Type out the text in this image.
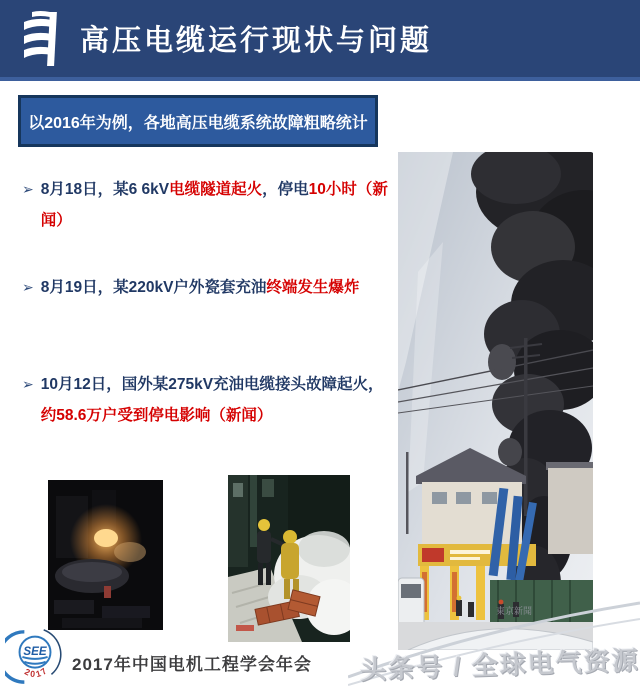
高压电缆运行现状与问题
以2016年为例，各地高压电缆系统故障粗略统计
➢ 8月18日，某6 6kV电缆隧道起火，停电10小时（新闻）
➢ 8月19日，某220kV户外瓷套充油终端发生爆炸
➢ 10月12日，国外某275kV充油电缆接头故障起火，约58.6万户受到停电影响（新闻）
東京新聞
SEE
2017 2017年中国电机工程学会年会 头条号 / 全球电气资源
